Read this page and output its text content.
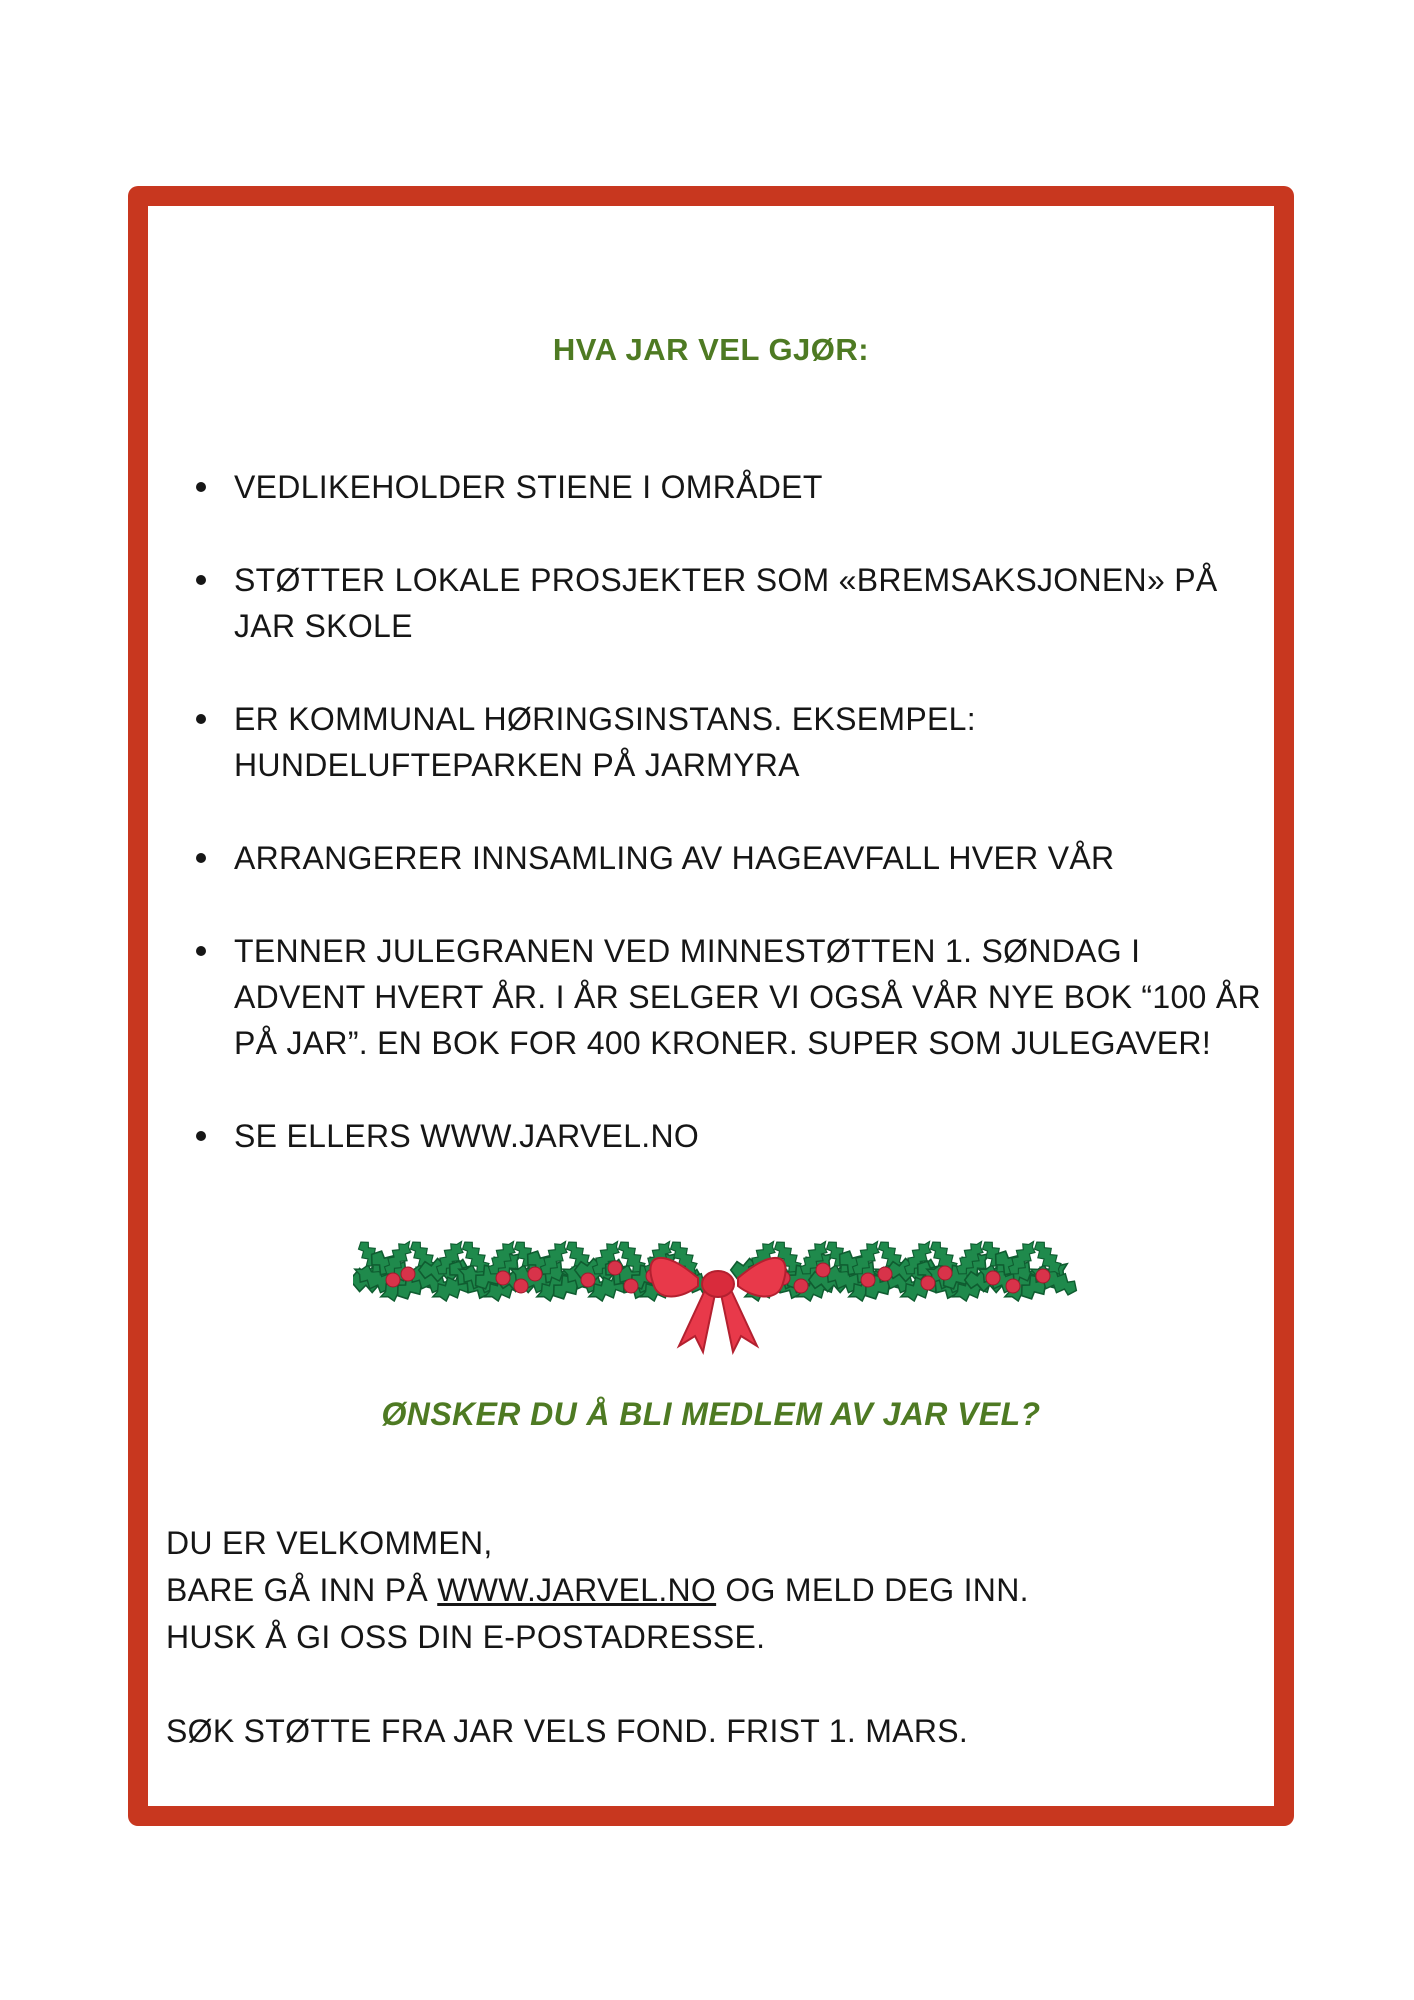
HVA JAR VEL GJØR:
VEDLIKEHOLDER STIENE I OMRÅDET
STØTTER LOKALE PROSJEKTER SOM «BREMSAKSJONEN» PÅ JAR SKOLE
ER KOMMUNAL HØRINGSINSTANS. EKSEMPEL: HUNDELUFTEPARKEN PÅ JARMYRA
ARRANGERER INNSAMLING AV HAGEAVFALL HVER VÅR
TENNER JULEGRANEN VED MINNESTØTTEN 1. SØNDAG I ADVENT HVERT ÅR. I ÅR SELGER VI OGSÅ VÅR NYE BOK “100 ÅR PÅ JAR”. EN BOK FOR 400 KRONER. SUPER SOM JULEGAVER!
SE ELLERS WWW.JARVEL.NO
ØNSKER DU Å BLI MEDLEM AV JAR VEL?
DU ER VELKOMMEN,
BARE GÅ INN PÅ WWW.JARVEL.NO OG MELD DEG INN.
HUSK Å GI OSS DIN E-POSTADRESSE.
SØK STØTTE FRA JAR VELS FOND. FRIST 1. MARS.
